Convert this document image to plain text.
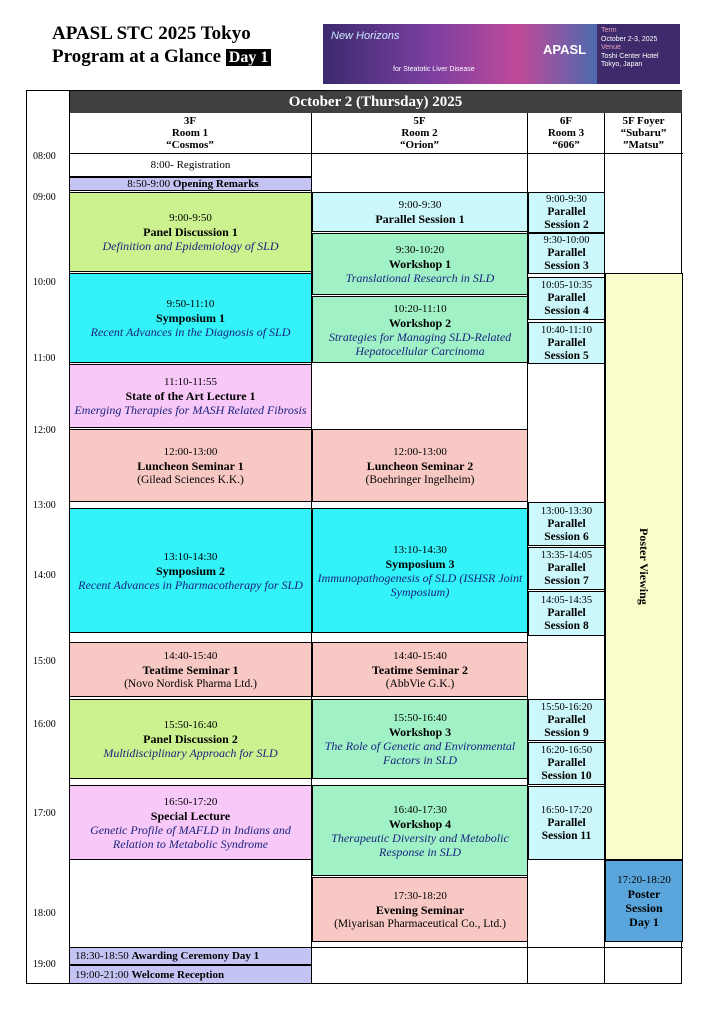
APASL STC 2025 Tokyo
Program at a Glance Day 1
New Horizons
for Steatotic Liver Disease
APASL
Term
October 2-3, 2025
Venue
Toshi Center Hotel
Tokyo, Japan
October 2 (Thursday) 2025
3F
Room 1
“Cosmos”
5F
Room 2
“Orion”
6F
Room 3
“606”
5F Foyer
“Subaru”
”Matsu”
08:00
09:00
10:00
11:00
12:00
13:00
14:00
15:00
16:00
17:00
18:00
19:00
8:00- Registration
8:50-9:00
Opening Remarks
9:00-9:50
Panel Discussion 1
Definition and Epidemiology of SLD
9:50-11:10
Symposium 1
Recent Advances in the Diagnosis of SLD
11:10-11:55
State of the Art Lecture 1
Emerging Therapies for MASH Related Fibrosis
12:00-13:00
Luncheon Seminar 1
(Gilead Sciences K.K.)
13:10-14:30
Symposium 2
Recent Advances in Pharmacotherapy for SLD
14:40-15:40
Teatime Seminar 1
(Novo Nordisk Pharma Ltd.)
15:50-16:40
Panel Discussion 2
Multidisciplinary Approach for SLD
16:50-17:20
Special Lecture
Genetic Profile of MAFLD in Indians and Relation to Metabolic Syndrome
18:30-18:50
Awarding Ceremony Day 1
19:00-21:00
Welcome Reception
9:00-9:30
Parallel Session 1
9:30-10:20
Workshop 1
Translational Research in SLD
10:20-11:10
Workshop 2
Strategies for Managing SLD-Related Hepatocellular Carcinoma
12:00-13:00
Luncheon Seminar 2
(Boehringer Ingelheim)
13:10-14:30
Symposium 3
Immunopathogenesis of SLD (ISHSR Joint Symposium)
14:40-15:40
Teatime Seminar 2
(AbbVie G.K.)
15:50-16:40
Workshop 3
The Role of Genetic and Environmental Factors in SLD
16:40-17:30
Workshop 4
Therapeutic Diversity and Metabolic Response in SLD
17:30-18:20
Evening Seminar
(Miyarisan Pharmaceutical Co., Ltd.)
9:00-9:30
Parallel
Session 2
9:30-10:00
Parallel
Session 3
10:05-10:35
Parallel
Session 4
10:40-11:10
Parallel
Session 5
13:00-13:30
Parallel
Session 6
13:35-14:05
Parallel
Session 7
14:05-14:35
Parallel
Session 8
15:50-16:20
Parallel
Session 9
16:20-16:50
Parallel
Session 10
16:50-17:20
Parallel
Session 11
Poster Viewing
17:20-18:20
Poster
Session
Day 1
